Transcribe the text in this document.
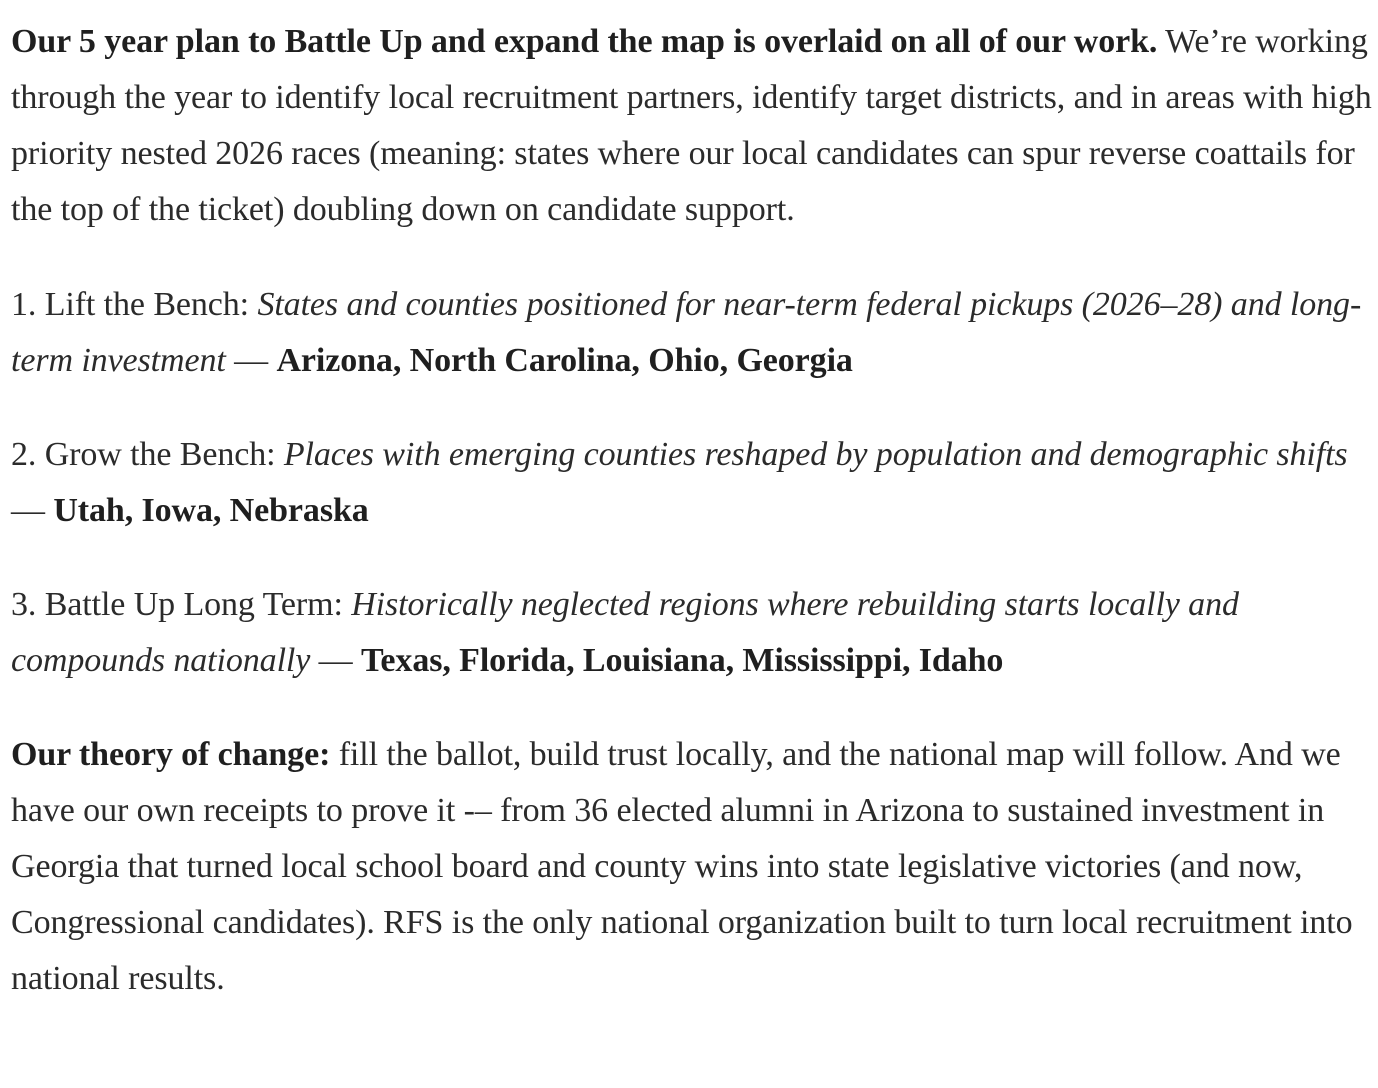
Our 5 year plan to Battle Up and expand the map is overlaid on all of our work. We’re working through the year to identify local recruitment partners, identify target districts, and in areas with high priority nested 2026 races (meaning: states where our local candidates can spur reverse coattails for the top of the ticket) doubling down on candidate support.

1. Lift the Bench: States and counties positioned for near-term federal pickups (2026–28) and long-term investment — Arizona, North Carolina, Ohio, Georgia

2. Grow the Bench: Places with emerging counties reshaped by population and demographic shifts — Utah, Iowa, Nebraska

3. Battle Up Long Term: Historically neglected regions where rebuilding starts locally and compounds nationally — Texas, Florida, Louisiana, Mississippi, Idaho

Our theory of change: fill the ballot, build trust locally, and the national map will follow. And we have our own receipts to prove it -– from 36 elected alumni in Arizona to sustained investment in Georgia that turned local school board and county wins into state legislative victories (and now, Congressional candidates). RFS is the only national organization built to turn local recruitment into national results.
